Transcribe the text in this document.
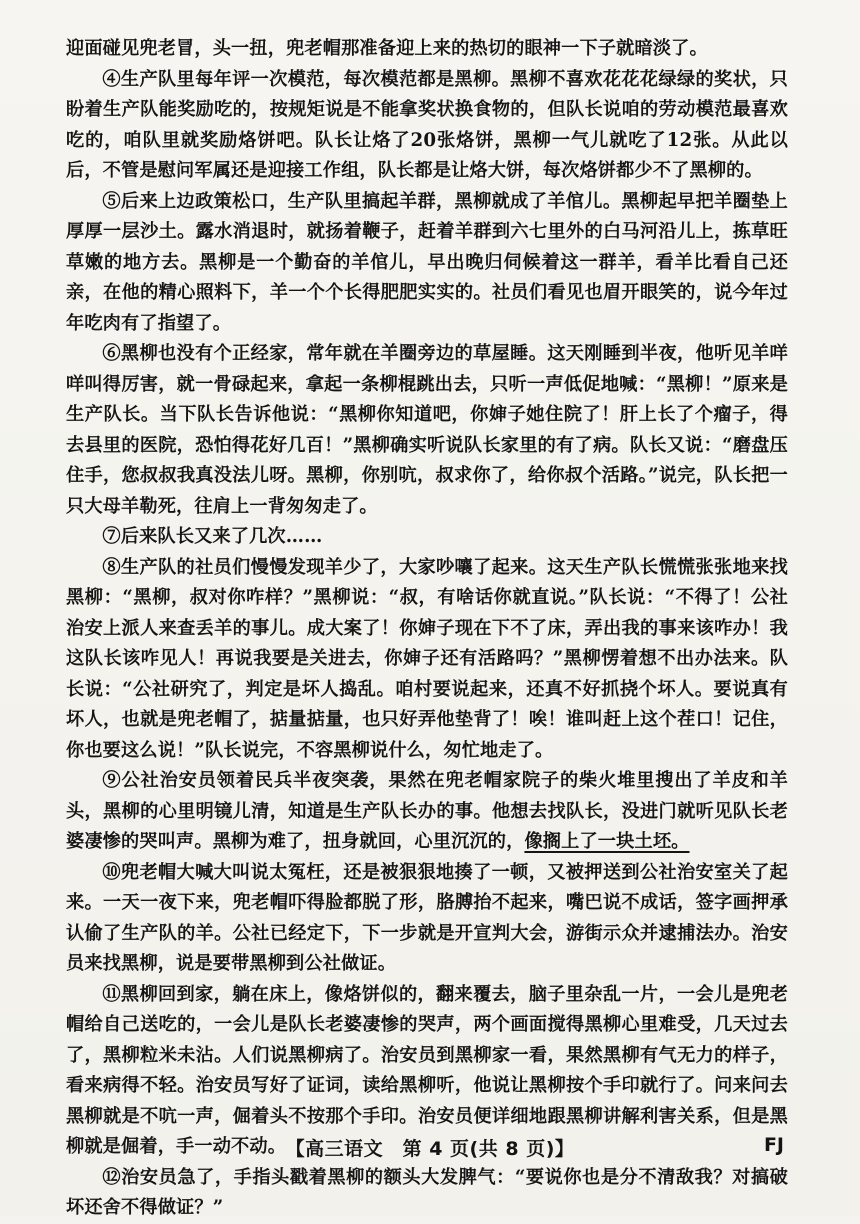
迎面碰见兜老冒，头一扭，兜老帽那准备迎上来的热切的眼神一下子就暗淡了。

④生产队里每年评一次模范，每次模范都是黑柳。黑柳不喜欢花花花绿绿的奖状，只盼着生产队能奖励吃的，按规矩说是不能拿奖状换食物的，但队长说咱的劳动模范最喜欢吃的，咱队里就奖励烙饼吧。队长让烙了20张烙饼，黑柳一气儿就吃了12张。从此以后，不管是慰问军属还是迎接工作组，队长都是让烙大饼，每次烙饼都少不了黑柳的。

⑤后来上边政策松口，生产队里搞起羊群，黑柳就成了羊倌儿。黑柳起早把羊圈垫上厚厚一层沙土。露水消退时，就扬着鞭子，赶着羊群到六七里外的白马河沿儿上，拣草旺草嫩的地方去。黑柳是一个勤奋的羊倌儿，早出晚归伺候着这一群羊，看羊比看自己还亲，在他的精心照料下，羊一个个长得肥肥实实的。社员们看见也眉开眼笑的，说今年过年吃肉有了指望了。

⑥黑柳也没有个正经家，常年就在羊圈旁边的草屋睡。这天刚睡到半夜，他听见羊咩咩叫得厉害，就一骨碌起来，拿起一条柳棍跳出去，只听一声低促地喊：“黑柳！”原来是生产队长。当下队长告诉他说：“黑柳你知道吧，你婶子她住院了！肝上长了个瘤子，得去县里的医院，恐怕得花好几百！”黑柳确实听说队长家里的有了病。队长又说：“磨盘压住手，您叔叔我真没法儿呀。黑柳，你别吭，叔求你了，给你叔个活路。”说完，队长把一只大母羊勒死，往肩上一背匆匆走了。

⑦后来队长又来了几次……

⑧生产队的社员们慢慢发现羊少了，大家吵嚷了起来。这天生产队长慌慌张张地来找黑柳：“黑柳，叔对你咋样？”黑柳说：“叔，有啥话你就直说。”队长说：“不得了！公社治安上派人来查丢羊的事儿。成大案了！你婶子现在下不了床，弄出我的事来该咋办！我这队长该咋见人！再说我要是关进去，你婶子还有活路吗？”黑柳愣着想不出办法来。队长说：“公社研究了，判定是坏人捣乱。咱村要说起来，还真不好抓挠个坏人。要说真有坏人，也就是兜老帽了，掂量掂量，也只好弄他垫背了！唉！谁叫赶上这个茬口！记住，你也要这么说！”队长说完，不容黑柳说什么，匆忙地走了。

⑨公社治安员领着民兵半夜突袭，果然在兜老帽家院子的柴火堆里搜出了羊皮和羊头，黑柳的心里明镜儿清，知道是生产队长办的事。他想去找队长，没进门就听见队长老婆凄惨的哭叫声。黑柳为难了，扭身就回，心里沉沉的，像搁上了一块土坯。

⑩兜老帽大喊大叫说太冤枉，还是被狠狠地揍了一顿，又被押送到公社治安室关了起来。一天一夜下来，兜老帽吓得脸都脱了形，胳膊抬不起来，嘴巴说不成话，签字画押承认偷了生产队的羊。公社已经定下，下一步就是开宣判大会，游街示众并逮捕法办。治安员来找黑柳，说是要带黑柳到公社做证。

⑪黑柳回到家，躺在床上，像烙饼似的，翻来覆去，脑子里杂乱一片，一会儿是兜老帽给自己送吃的，一会儿是队长老婆凄惨的哭声，两个画面搅得黑柳心里难受，几天过去了，黑柳粒米未沾。人们说黑柳病了。治安员到黑柳家一看，果然黑柳有气无力的样子，看来病得不轻。治安员写好了证词，读给黑柳听，他说让黑柳按个手印就行了。问来问去黑柳就是不吭一声，倔着头不按那个手印。治安员便详细地跟黑柳讲解利害关系，但是黑柳就是倔着，手一动不动。

⑫治安员急了，手指头戳着黑柳的额头大发脾气：“要说你也是分不清敌我？对搞破坏还舍不得做证？”

【高三语文　第 4 页(共 8 页)】	FJ
